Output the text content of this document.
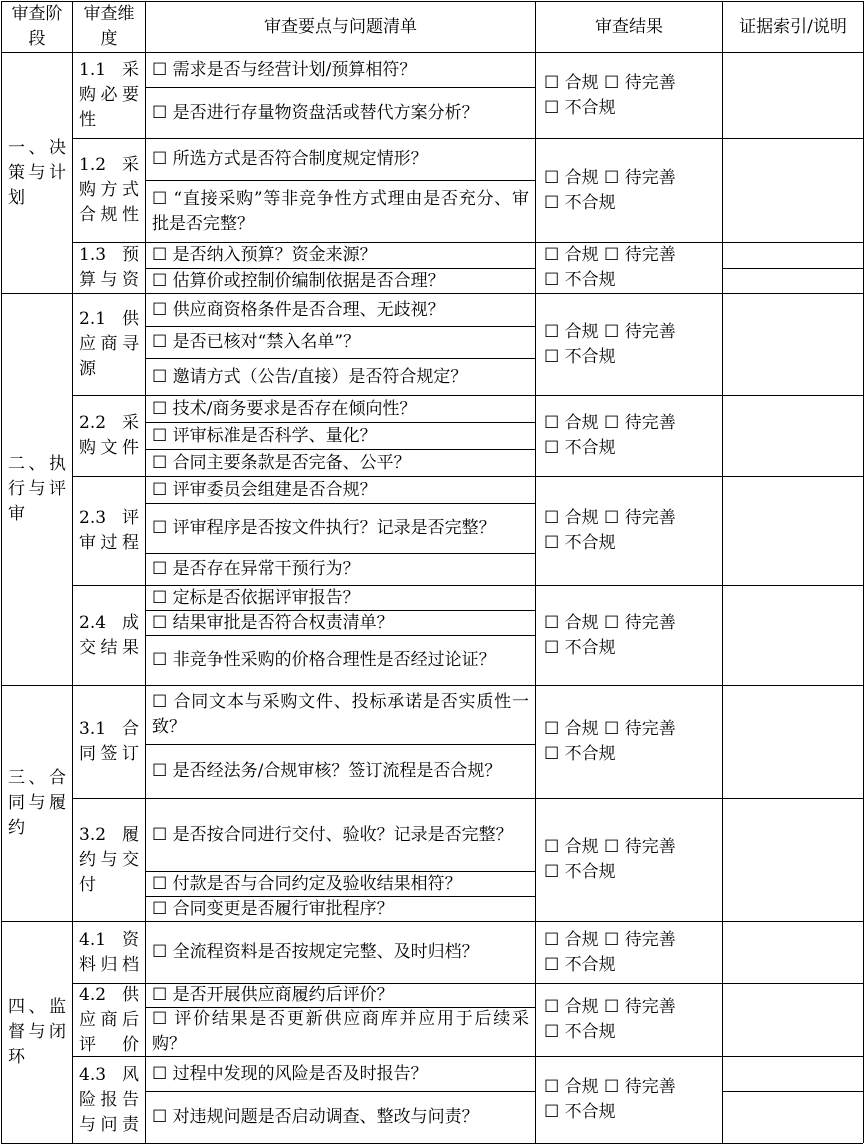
审查阶
段
审查维
度
审查要点与问题清单	审查结果	证据索引/说明
一、决
策与计
划
二、执
行与评
审
三、合
同与履
约
四、监
督与闭
环
1.1 采
购必要
性
☐ 需求是否与经营计划/预算相符？
☐ 是否进行存量物资盘活或替代方案分析？
☐ 合规 ☐ 待完善
☐ 不合规
1.2 采
购方式
合规性
☐ 所选方式是否符合制度规定情形？
☐ “直接采购”等非竞争性方式理由是否充分、审批是否完整？
☐ 合规 ☐ 待完善
☐ 不合规
1.3 预
算与资
☐ 是否纳入预算？资金来源？
☐ 估算价或控制价编制依据是否合理？
☐ 合规 ☐ 待完善
☐ 不合规
2.1 供
应商寻
源
☐ 供应商资格条件是否合理、无歧视？
☐ 是否已核对“禁入名单”？
☐ 邀请方式（公告/直接）是否符合规定？
☐ 合规 ☐ 待完善
☐ 不合规
2.2 采
购文件
☐ 技术/商务要求是否存在倾向性？
☐ 评审标准是否科学、量化？
☐ 合同主要条款是否完备、公平？
☐ 合规 ☐ 待完善
☐ 不合规
2.3 评
审过程
☐ 评审委员会组建是否合规？
☐ 评审程序是否按文件执行？记录是否完整？
☐ 是否存在异常干预行为？
☐ 合规 ☐ 待完善
☐ 不合规
2.4 成
交结果
☐ 定标是否依据评审报告？
☐ 结果审批是否符合权责清单？
☐ 非竞争性采购的价格合理性是否经过论证？
☐ 合规 ☐ 待完善
☐ 不合规
3.1 合
同签订
☐ 合同文本与采购文件、投标承诺是否实质性一致？
☐ 是否经法务/合规审核？签订流程是否合规？
☐ 合规 ☐ 待完善
☐ 不合规
3.2 履
约与交
付
☐ 是否按合同进行交付、验收？记录是否完整？
☐ 付款是否与合同约定及验收结果相符？
☐ 合同变更是否履行审批程序？
☐ 合规 ☐ 待完善
☐ 不合规
4.1 资
料归档
☐ 全流程资料是否按规定完整、及时归档？
☐ 合规 ☐ 待完善
☐ 不合规
4.2 供
应商后
评价
☐ 是否开展供应商履约后评价？
☐ 评价结果是否更新供应商库并应用于后续采购？
☐ 合规 ☐ 待完善
☐ 不合规
4.3 风
险报告
与问责
☐ 过程中发现的风险是否及时报告？
☐ 对违规问题是否启动调查、整改与问责？
☐ 合规 ☐ 待完善
☐ 不合规
